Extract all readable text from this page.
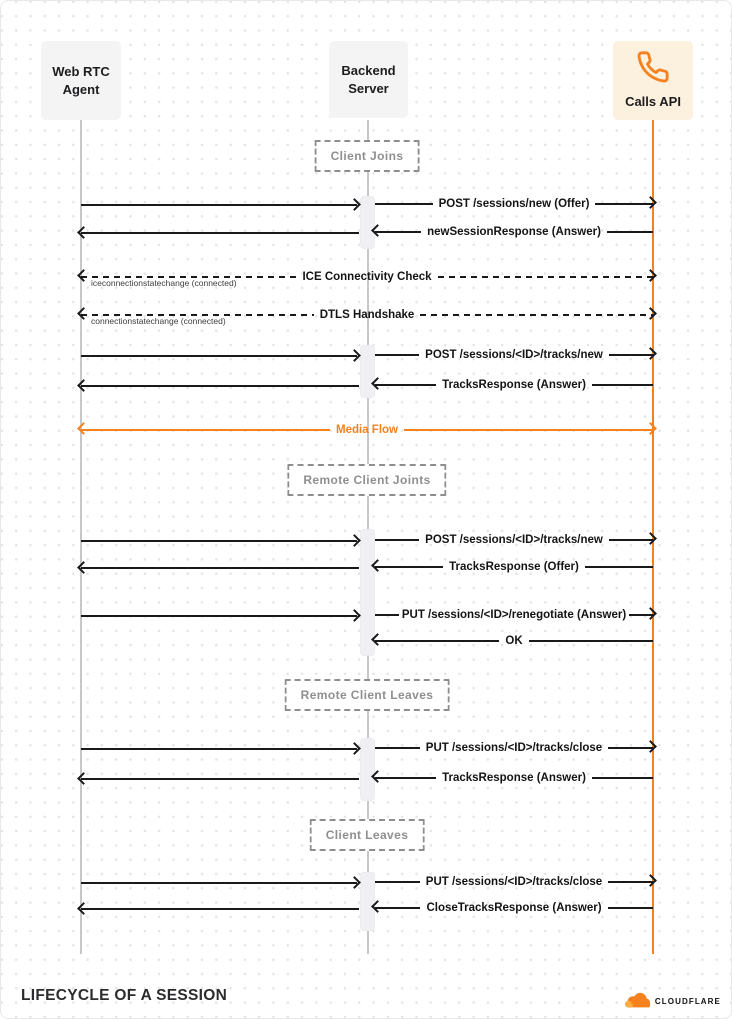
Web RTC Agent
Backend Server
Calls API
Client Joins
POST /sessions/new (Offer)
newSessionResponse (Answer)
ICE Connectivity Check
iceconnectionstatechange (connected)
DTLS Handshake
connectionstatechange (connected)
POST /sessions/<ID>/tracks/new
TracksResponse (Answer)
Media Flow
Remote Client Joints
POST /sessions/<ID>/tracks/new
TracksResponse (Offer)
PUT /sessions/<ID>/renegotiate (Answer)
OK
Remote Client Leaves
PUT /sessions/<ID>/tracks/close
TracksResponse (Answer)
Client Leaves
PUT /sessions/<ID>/tracks/close
CloseTracksResponse (Answer)
LIFECYCLE OF A SESSION	CLOUDFLARE
